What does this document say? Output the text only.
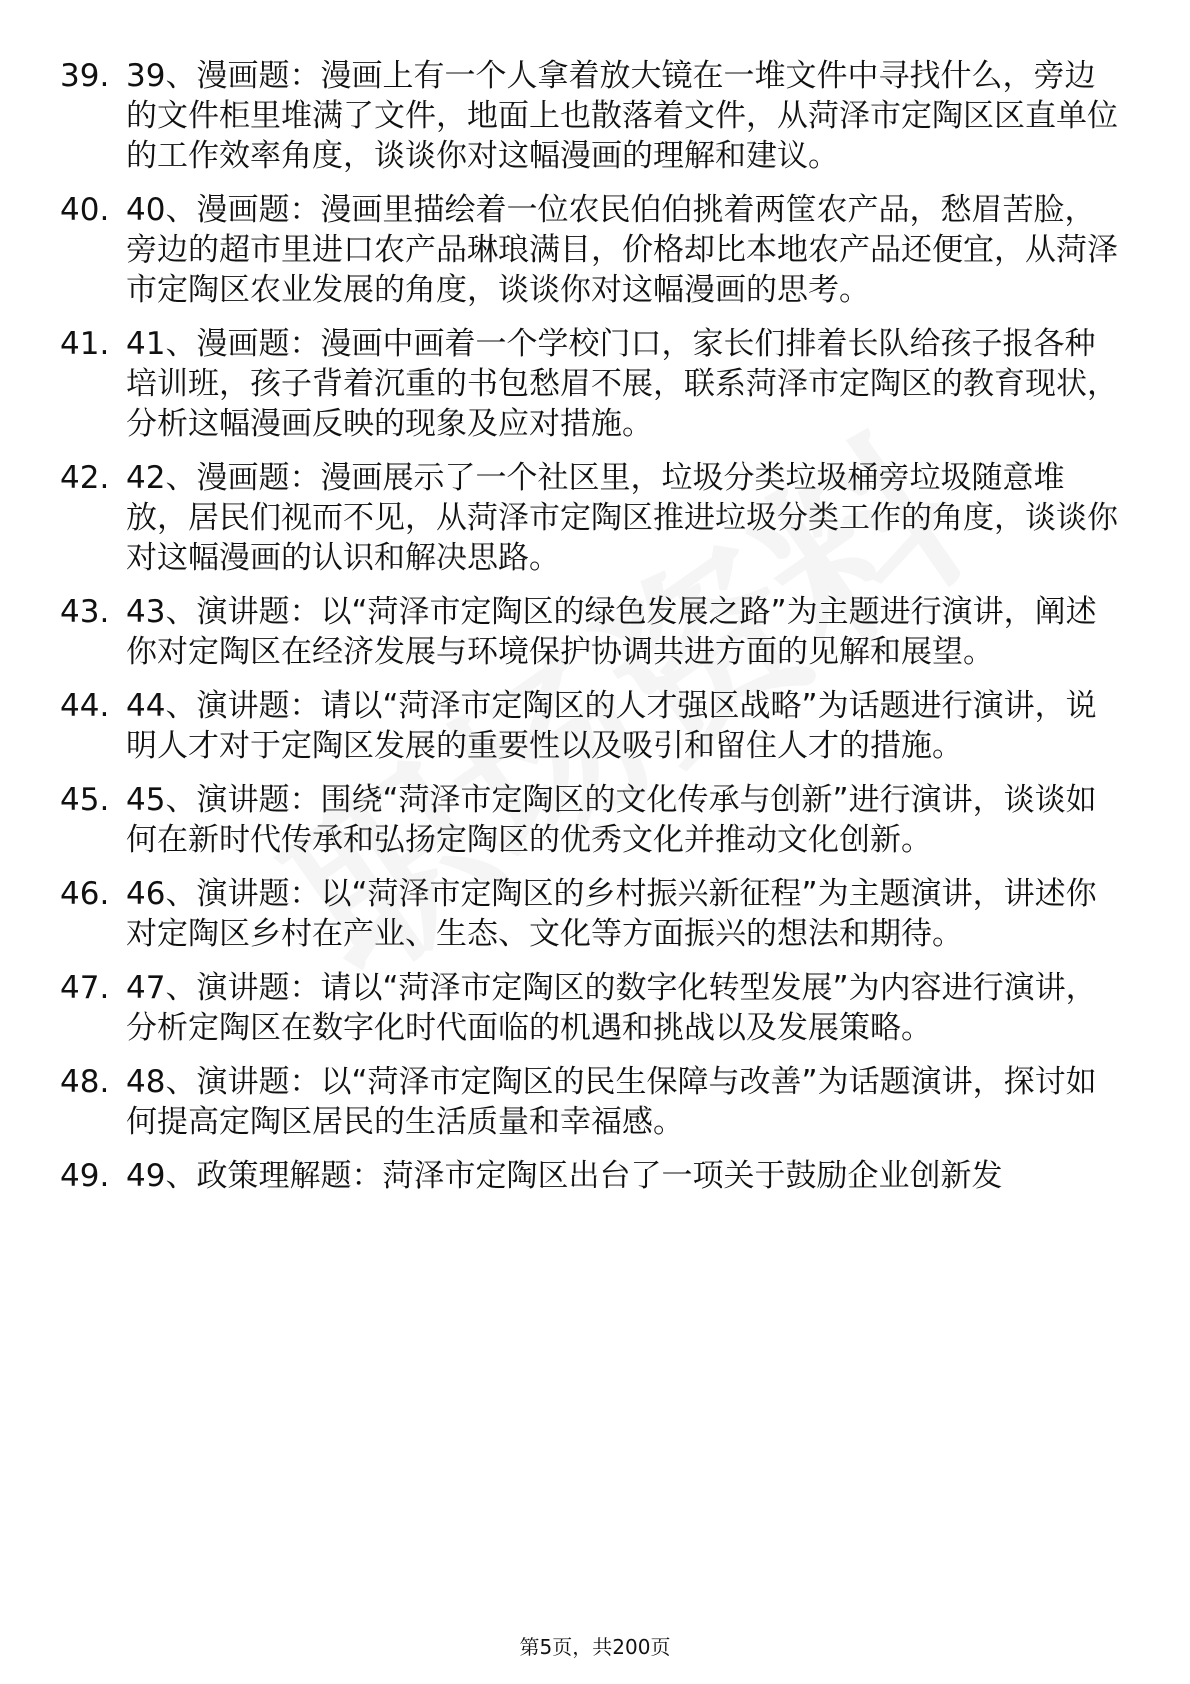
39. 39、漫画题：漫画上有一个人拿着放大镜在一堆文件中寻找什么，旁边的文件柜里堆满了文件，地面上也散落着文件，从菏泽市定陶区区直单位的工作效率角度，谈谈你对这幅漫画的理解和建议。
40. 40、漫画题：漫画里描绘着一位农民伯伯挑着两筐农产品，愁眉苦脸，旁边的超市里进口农产品琳琅满目，价格却比本地农产品还便宜，从菏泽市定陶区农业发展的角度，谈谈你对这幅漫画的思考。
41. 41、漫画题：漫画中画着一个学校门口，家长们排着长队给孩子报各种培训班，孩子背着沉重的书包愁眉不展，联系菏泽市定陶区的教育现状，分析这幅漫画反映的现象及应对措施。
42. 42、漫画题：漫画展示了一个社区里，垃圾分类垃圾桶旁垃圾随意堆放，居民们视而不见，从菏泽市定陶区推进垃圾分类工作的角度，谈谈你对这幅漫画的认识和解决思路。
43. 43、演讲题：以“菏泽市定陶区的绿色发展之路”为主题进行演讲，阐述你对定陶区在经济发展与环境保护协调共进方面的见解和展望。
44. 44、演讲题：请以“菏泽市定陶区的人才强区战略”为话题进行演讲，说明人才对于定陶区发展的重要性以及吸引和留住人才的措施。
45. 45、演讲题：围绕“菏泽市定陶区的文化传承与创新”进行演讲，谈谈如何在新时代传承和弘扬定陶区的优秀文化并推动文化创新。
46. 46、演讲题：以“菏泽市定陶区的乡村振兴新征程”为主题演讲，讲述你对定陶区乡村在产业、生态、文化等方面振兴的想法和期待。
47. 47、演讲题：请以“菏泽市定陶区的数字化转型发展”为内容进行演讲，分析定陶区在数字化时代面临的机遇和挑战以及发展策略。
48. 48、演讲题：以“菏泽市定陶区的民生保障与改善”为话题演讲，探讨如何提高定陶区居民的生活质量和幸福感。
49. 49、政策理解题：菏泽市定陶区出台了一项关于鼓励企业创新发
第5页，共200页
